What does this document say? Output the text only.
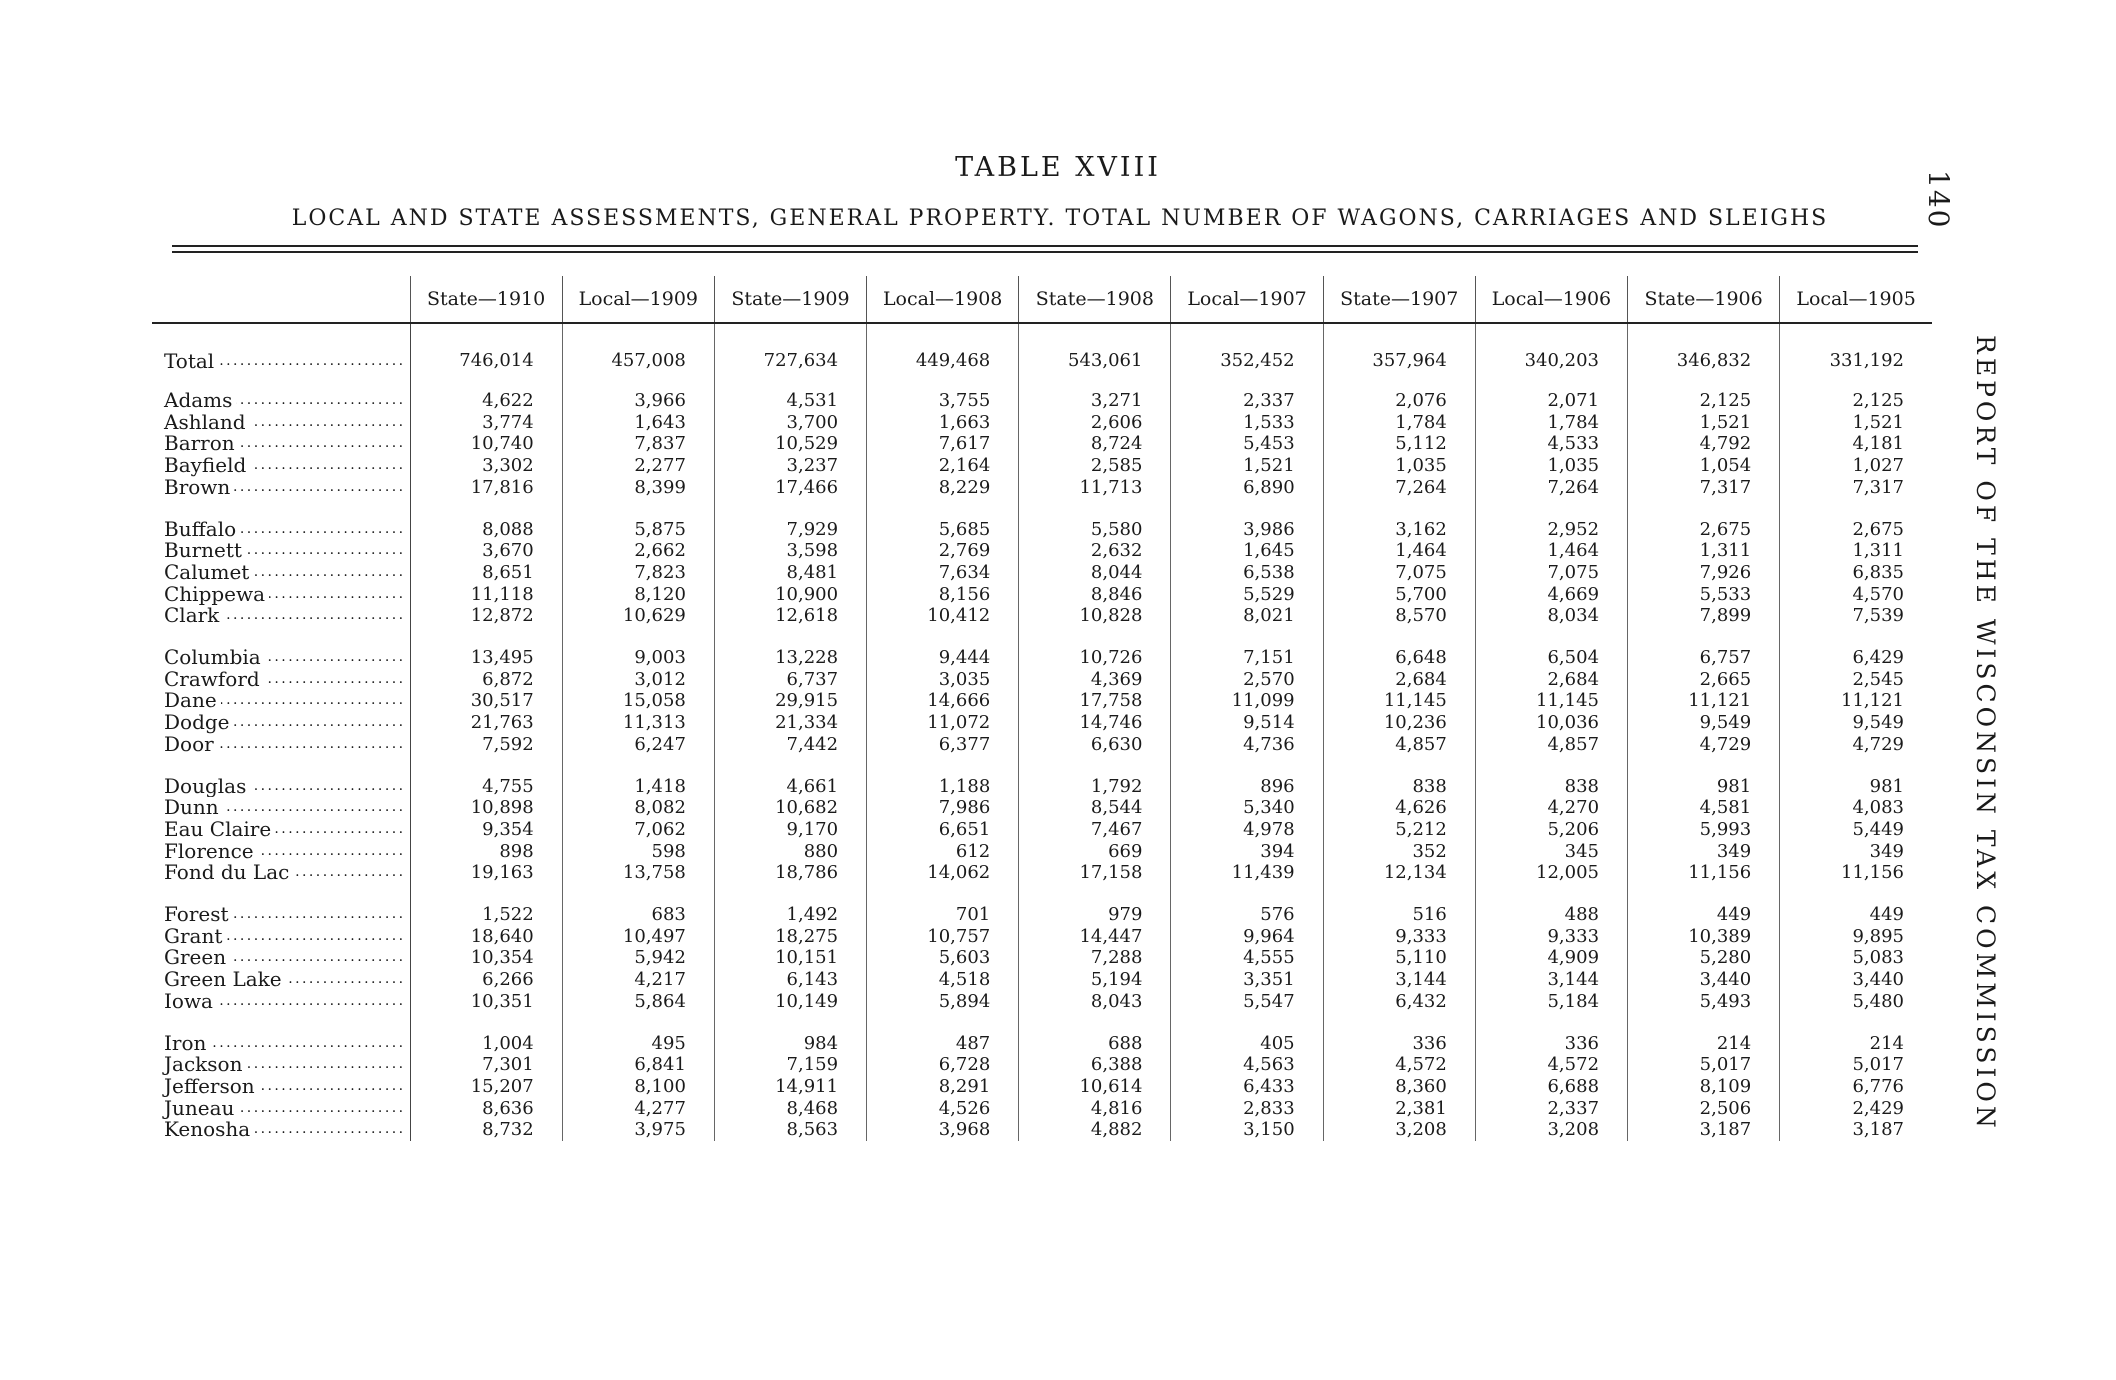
TABLE XVIII
LOCAL AND STATE ASSESSMENTS, GENERAL PROPERTY. TOTAL NUMBER OF WAGONS, CARRIAGES AND SLEIGHS	140
REPORT OF THE WISCONSIN TAX COMMISSION
	State—1910	Local—1909	State—1909	Local—1908	State—1908	Local—1907	State—1907	Local—1906	State—1906	Local—1905

Total . . .	746,014	457,008	727,634	449,468	543,061	352,452	357,964	340,203	346,832	331,192
Adams . . .	4,622	3,966	4,531	3,755	3,271	2,337	2,076	2,071	2,125	2,125
Ashland . . .	3,774	1,643	3,700	1,663	2,606	1,533	1,784	1,784	1,521	1,521
Barron . . .	10,740	7,837	10,529	7,617	8,724	5,453	5,112	4,533	4,792	4,181
Bayfield . . .	3,302	2,277	3,237	2,164	2,585	1,521	1,035	1,035	1,054	1,027
Brown . . .	17,816	8,399	17,466	8,229	11,713	6,890	7,264	7,264	7,317	7,317

Buffalo . . .	8,088	5,875	7,929	5,685	5,580	3,986	3,162	2,952	2,675	2,675
Burnett . . .	3,670	2,662	3,598	2,769	2,632	1,645	1,464	1,464	1,311	1,311
Calumet . . .	8,651	7,823	8,481	7,634	8,044	6,538	7,075	7,075	7,926	6,835
Chippewa . . .	11,118	8,120	10,900	8,156	8,846	5,529	5,700	4,669	5,533	4,570
Clark . . .	12,872	10,629	12,618	10,412	10,828	8,021	8,570	8,034	7,899	7,539

Columbia . . .	13,495	9,003	13,228	9,444	10,726	7,151	6,648	6,504	6,757	6,429
Crawford . . .	6,872	3,012	6,737	3,035	4,369	2,570	2,684	2,684	2,665	2,545
Dane . . .	30,517	15,058	29,915	14,666	17,758	11,099	11,145	11,145	11,121	11,121
Dodge . . .	21,763	11,313	21,334	11,072	14,746	9,514	10,236	10,036	9,549	9,549
Door . . .	7,592	6,247	7,442	6,377	6,630	4,736	4,857	4,857	4,729	4,729

Douglas . . .	4,755	1,418	4,661	1,188	1,792	896	838	838	981	981
Dunn . . .	10,898	8,082	10,682	7,986	8,544	5,340	4,626	4,270	4,581	4,083
Eau Claire . . .	9,354	7,062	9,170	6,651	7,467	4,978	5,212	5,206	5,993	5,449
Florence . . .	898	598	880	612	669	394	352	345	349	349
Fond du Lac . . .	19,163	13,758	18,786	14,062	17,158	11,439	12,134	12,005	11,156	11,156

Forest . . .	1,522	683	1,492	701	979	576	516	488	449	449
Grant . . .	18,640	10,497	18,275	10,757	14,447	9,964	9,333	9,333	10,389	9,895
Green . . .	10,354	5,942	10,151	5,603	7,288	4,555	5,110	4,909	5,280	5,083
Green Lake . . .	6,266	4,217	6,143	4,518	5,194	3,351	3,144	3,144	3,440	3,440
Iowa . . .	10,351	5,864	10,149	5,894	8,043	5,547	6,432	5,184	5,493	5,480

Iron . . .	1,004	495	984	487	688	405	336	336	214	214
Jackson . . .	7,301	6,841	7,159	6,728	6,388	4,563	4,572	4,572	5,017	5,017
Jefferson . . .	15,207	8,100	14,911	8,291	10,614	6,433	8,360	6,688	8,109	6,776
Juneau . . .	8,636	4,277	8,468	4,526	4,816	2,833	2,381	2,337	2,506	2,429
Kenosha . . .	8,732	3,975	8,563	3,968	4,882	3,150	3,208	3,208	3,187	3,187
